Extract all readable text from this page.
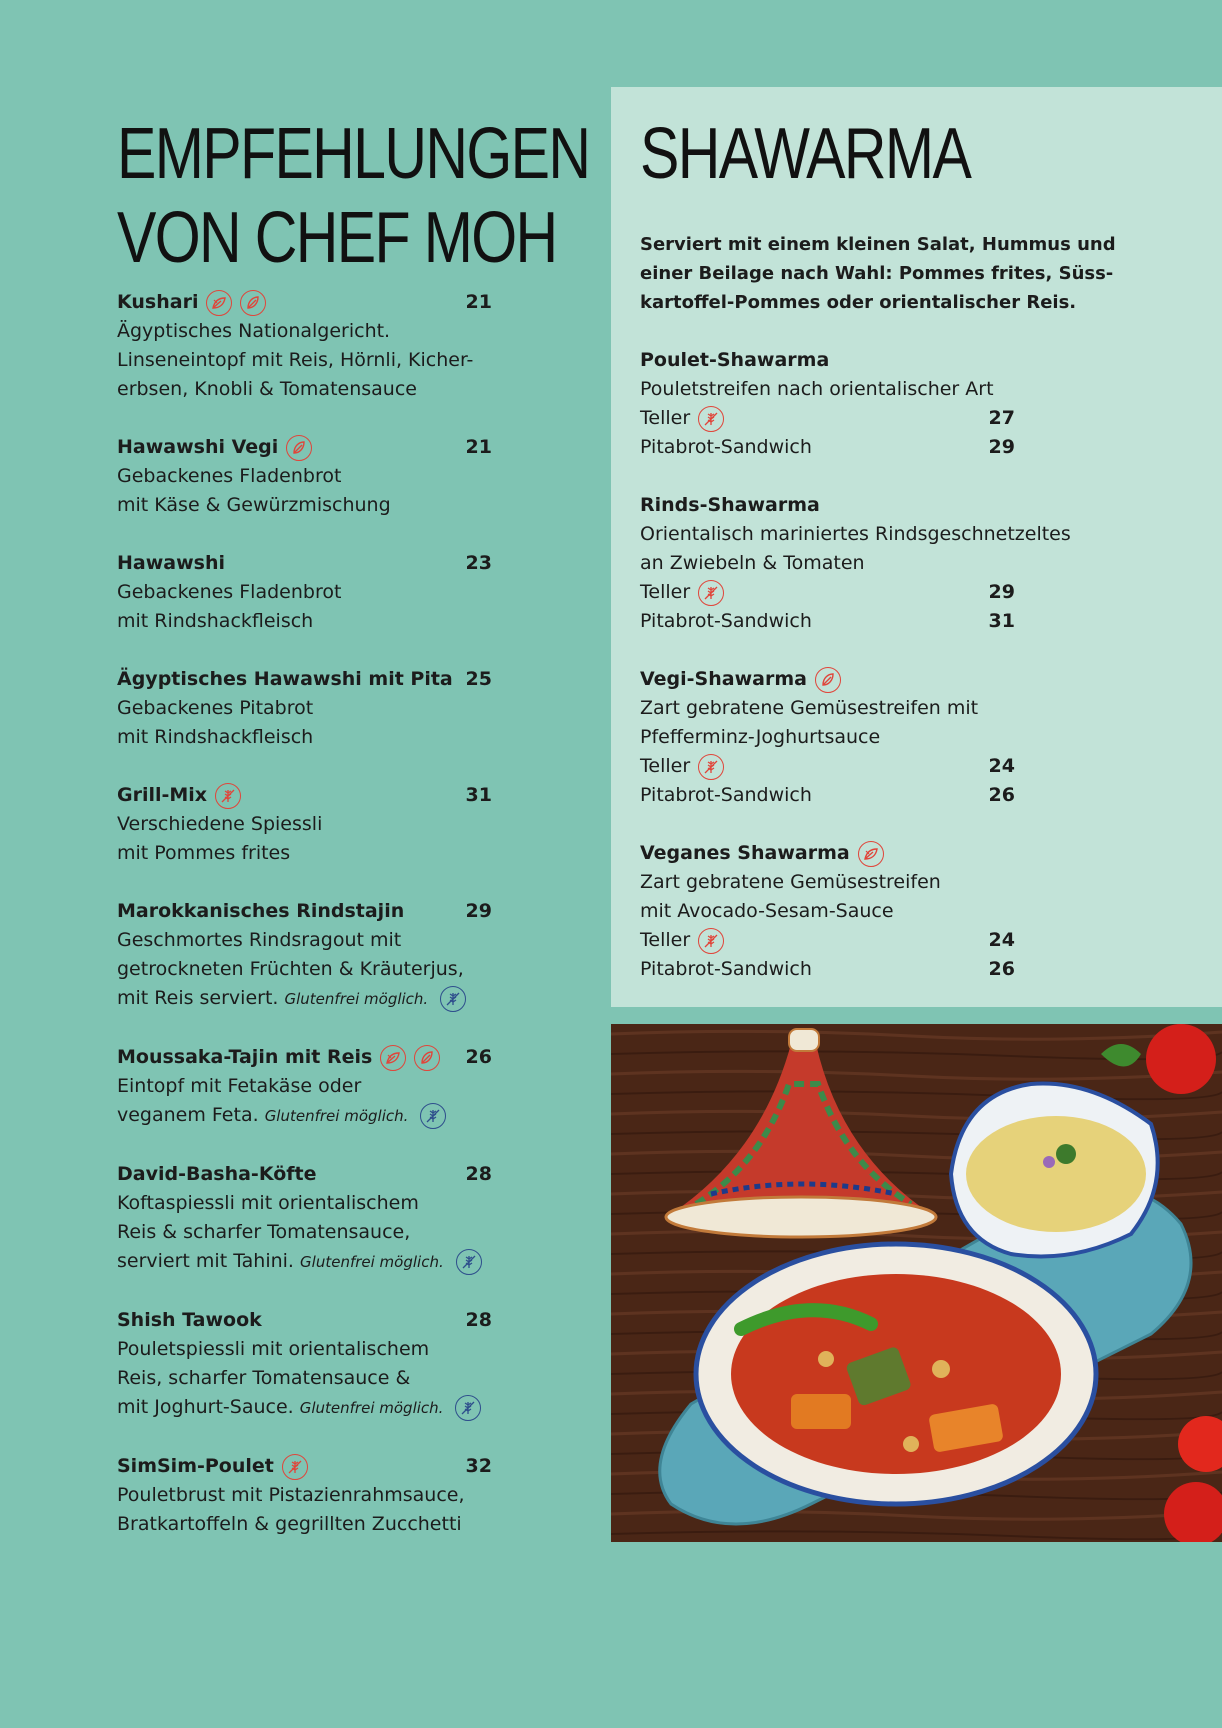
EMPFEHLUNGEN
VON CHEF MOH
Kushari	21
Ägyptisches Nationalgericht.
Linseneintopf mit Reis, Hörnli, Kicher-
erbsen, Knobli & Tomatensauce
Hawawshi Vegi	21
Gebackenes Fladenbrot
mit Käse & Gewürzmischung
Hawawshi	23
Gebackenes Fladenbrot
mit Rindshackfleisch
Ägyptisches Hawawshi mit Pita 25
Gebackenes Pitabrot
mit Rindshackfleisch
Grill-Mix	31
Verschiedene Spiessli
mit Pommes frites
Marokkanisches Rindstajin	29
Geschmortes Rindsragout mit
getrockneten Früchten & Kräuterjus,
mit Reis serviert. Glutenfrei möglich.
Moussaka-Tajin mit Reis	26
Eintopf mit Fetakäse oder
veganem Feta. Glutenfrei möglich.
David-Basha-Köfte	28
Koftaspiessli mit orientalischem
Reis & scharfer Tomatensauce,
serviert mit Tahini. Glutenfrei möglich.
Shish Tawook	28
Pouletspiessli mit orientalischem
Reis, scharfer Tomatensauce &
mit Joghurt-Sauce. Glutenfrei möglich.
SimSim-Poulet	32
Pouletbrust mit Pistazienrahmsauce,
Bratkartoffeln & gegrillten Zucchetti
SHAWARMA
Serviert mit einem kleinen Salat, Hummus und
einer Beilage nach Wahl: Pommes frites, Süss-
kartoffel-Pommes oder orientalischer Reis.
Poulet-Shawarma
Pouletstreifen nach orientalischer Art
Teller	27
Pitabrot-Sandwich	29
Rinds-Shawarma
Orientalisch mariniertes Rindsgeschnetzeltes
an Zwiebeln & Tomaten
Teller	29
Pitabrot-Sandwich	31
Vegi-Shawarma
Zart gebratene Gemüsestreifen mit
Pfefferminz-Joghurtsauce
Teller	24
Pitabrot-Sandwich	26
Veganes Shawarma
Zart gebratene Gemüsestreifen
mit Avocado-Sesam-Sauce
Teller	24
Pitabrot-Sandwich	26
